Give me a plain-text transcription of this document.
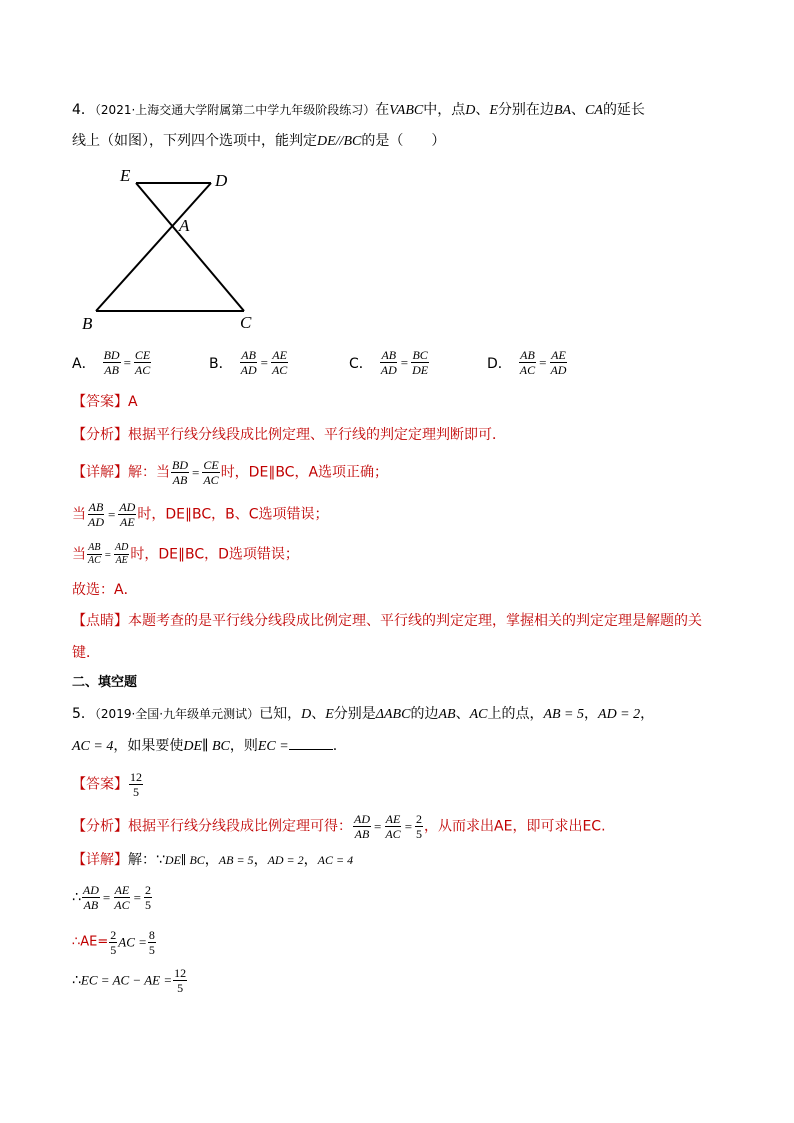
4．（2021·上海交通大学附属第二中学九年级阶段练习）在VABC中，点D、E分别在边BA、CA的延长
线上（如图），下列四个选项中，能判定DE//BC的是（　　）
E	D
A
B	C
A． $\frac{BD}{AB} = \frac{CE}{AC}$	B． $\frac{AB}{AD} = \frac{AE}{AC}$	C． $\frac{AB}{AD} = \frac{BC}{DE}$	D． $\frac{AB}{AC} = \frac{AE}{AD}$
【答案】A
【分析】根据平行线分线段成比例定理、平行线的判定定理判断即可．
【详解】解：当 $\frac{BD}{AB} = \frac{CE}{AC}$ 时，DE∥BC，A选项正确；
当 $\frac{AB}{AD} = \frac{AD}{AE}$ 时，DE∥BC，B、C选项错误；
当 $\frac{AB}{AC} = \frac{AD}{AE}$ 时，DE∥BC，D选项错误；
故选：A．
【点睛】本题考查的是平行线分线段成比例定理、平行线的判定定理，掌握相关的判定定理是解题的关
键．
二、填空题
5．（2019·全国·九年级单元测试）已知，D、E分别是ΔABC的边AB、AC上的点，AB = 5，AD = 2，
AC = 4，如果要使DE∥ BC，则EC =	.
【答案】 $\frac{12}{5}$
【分析】根据平行线分线段成比例定理可得： $\frac{AD}{AB} = \frac{AE}{AC} = \frac{2}{5}$ ，从而求出AE，即可求出EC.
【详解】解：∵DE∥ BC，AB = 5，AD = 2，AC = 4
∴ $\frac{AD}{AB} = \frac{AE}{AC} = \frac{2}{5}$
∴AE= $\frac{2}{5}$ AC = $\frac{8}{5}$
∴EC = AC − AE = $\frac{12}{5}$
